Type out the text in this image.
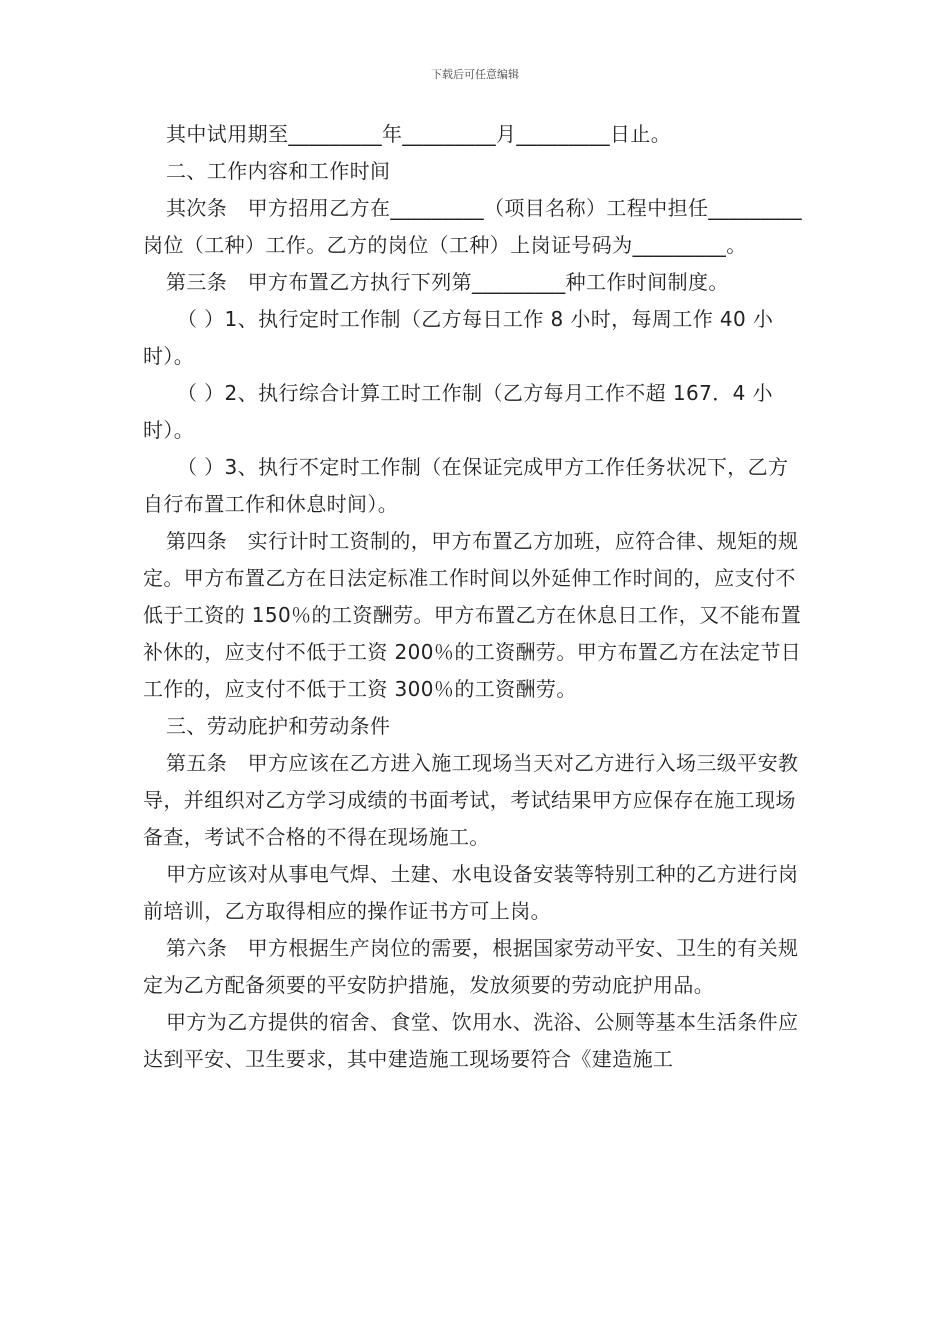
下载后可任意编辑

其中试用期至_________年_________月_________日止。

二、工作内容和工作时间

其次条　甲方招用乙方在_________（项目名称）工程中担任_________岗位（工种）工作。乙方的岗位（工种）上岗证号码为_________。

第三条　甲方布置乙方执行下列第_________种工作时间制度。

（ ）1、执行定时工作制（乙方每日工作 8 小时，每周工作 40 小时）。

（ ）2、执行综合计算工时工作制（乙方每月工作不超 167．4 小时）。

（ ）3、执行不定时工作制（在保证完成甲方工作任务状况下，乙方自行布置工作和休息时间）。

第四条　实行计时工资制的，甲方布置乙方加班，应符合律、规矩的规定。甲方布置乙方在日法定标准工作时间以外延伸工作时间的，应支付不低于工资的 150％的工资酬劳。甲方布置乙方在休息日工作，又不能布置补休的，应支付不低于工资 200％的工资酬劳。甲方布置乙方在法定节日工作的，应支付不低于工资 300％的工资酬劳。

三、劳动庇护和劳动条件

第五条　甲方应该在乙方进入施工现场当天对乙方进行入场三级平安教导，并组织对乙方学习成绩的书面考试，考试结果甲方应保存在施工现场备查，考试不合格的不得在现场施工。

甲方应该对从事电气焊、土建、水电设备安装等特别工种的乙方进行岗前培训，乙方取得相应的操作证书方可上岗。

第六条　甲方根据生产岗位的需要，根据国家劳动平安、卫生的有关规定为乙方配备须要的平安防护措施，发放须要的劳动庇护用品。

甲方为乙方提供的宿舍、食堂、饮用水、洗浴、公厕等基本生活条件应达到平安、卫生要求，其中建造施工现场要符合《建造施工
